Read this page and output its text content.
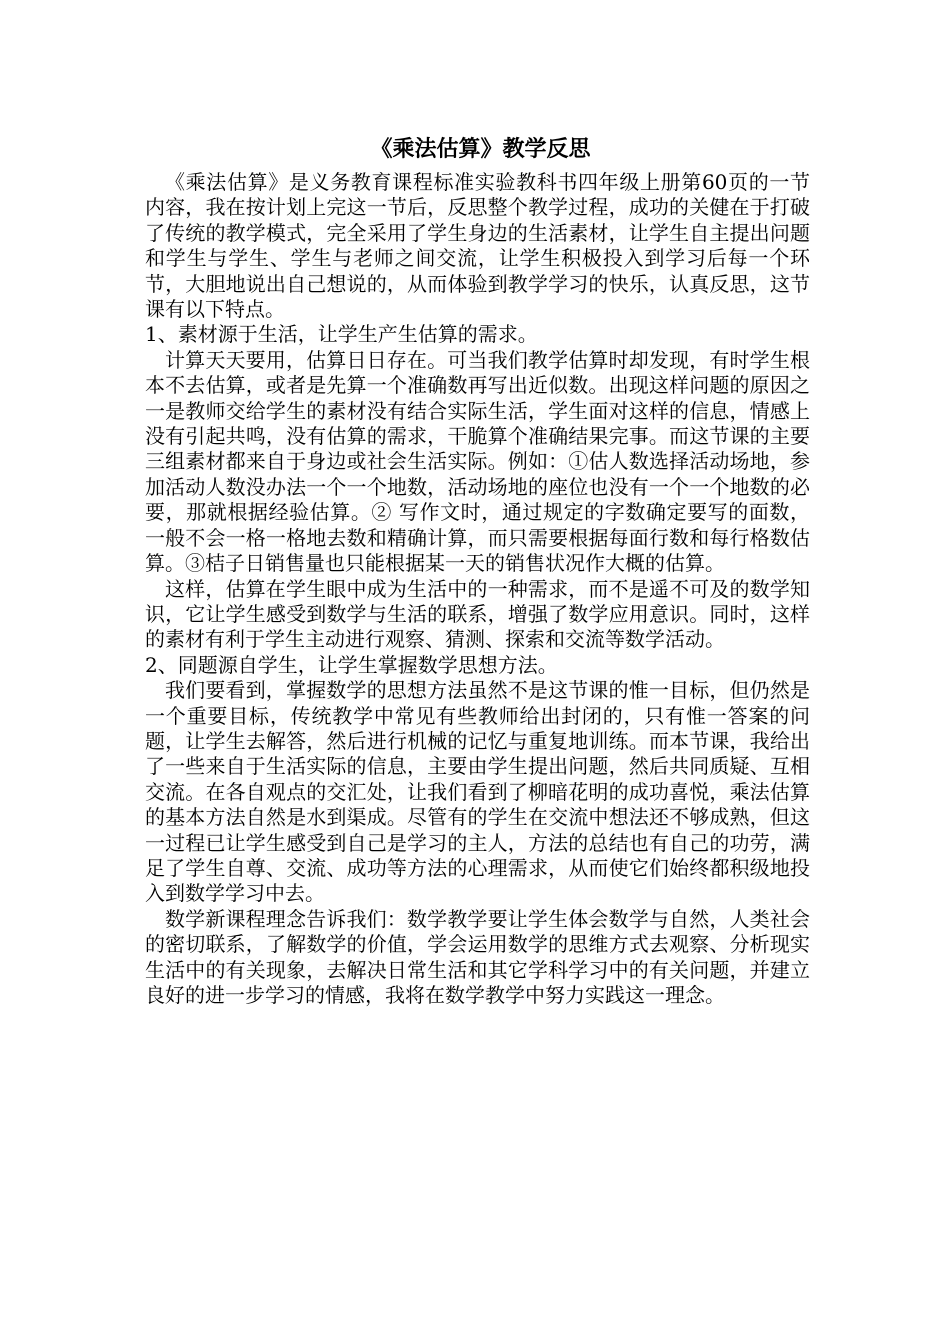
《乘法估算》教学反思

《乘法估算》是义务教育课程标准实验教科书四年级上册第60页的一节内容，我在按计划上完这一节后，反思整个教学过程，成功的关健在于打破了传统的教学模式，完全采用了学生身边的生活素材，让学生自主提出问题和学生与学生、学生与老师之间交流，让学生积极投入到学习后每一个环节，大胆地说出自己想说的，从而体验到教学学习的快乐，认真反思，这节课有以下特点。

1、素材源于生活，让学生产生估算的需求。

计算天天要用，估算日日存在。可当我们教学估算时却发现，有时学生根本不去估算，或者是先算一个准确数再写出近似数。出现这样问题的原因之一是教师交给学生的素材没有结合实际生活，学生面对这样的信息，情感上没有引起共鸣，没有估算的需求，干脆算个准确结果完事。而这节课的主要三组素材都来自于身边或社会生活实际。例如：①估人数选择活动场地，参加活动人数没办法一个一个地数，活动场地的座位也没有一个一个地数的必要，那就根据经验估算。② 写作文时，通过规定的字数确定要写的面数，一般不会一格一格地去数和精确计算，而只需要根据每面行数和每行格数估算。③桔子日销售量也只能根据某一天的销售状况作大概的估算。

这样，估算在学生眼中成为生活中的一种需求，而不是遥不可及的数学知识，它让学生感受到数学与生活的联系，增强了数学应用意识。同时，这样的素材有利于学生主动进行观察、猜测、探索和交流等数学活动。

2、同题源自学生，让学生掌握数学思想方法。

我们要看到，掌握数学的思想方法虽然不是这节课的惟一目标，但仍然是一个重要目标，传统教学中常见有些教师给出封闭的，只有惟一答案的问题，让学生去解答，然后进行机械的记忆与重复地训练。而本节课，我给出了一些来自于生活实际的信息，主要由学生提出问题，然后共同质疑、互相交流。在各自观点的交汇处，让我们看到了柳暗花明的成功喜悦，乘法估算的基本方法自然是水到渠成。尽管有的学生在交流中想法还不够成熟，但这一过程已让学生感受到自己是学习的主人，方法的总结也有自己的功劳，满足了学生自尊、交流、成功等方法的心理需求，从而使它们始终都积级地投入到数学学习中去。

数学新课程理念告诉我们：数学教学要让学生体会数学与自然，人类社会的密切联系，了解数学的价值，学会运用数学的思维方式去观察、分析现实生活中的有关现象，去解决日常生活和其它学科学习中的有关问题，并建立良好的进一步学习的情感，我将在数学教学中努力实践这一理念。
